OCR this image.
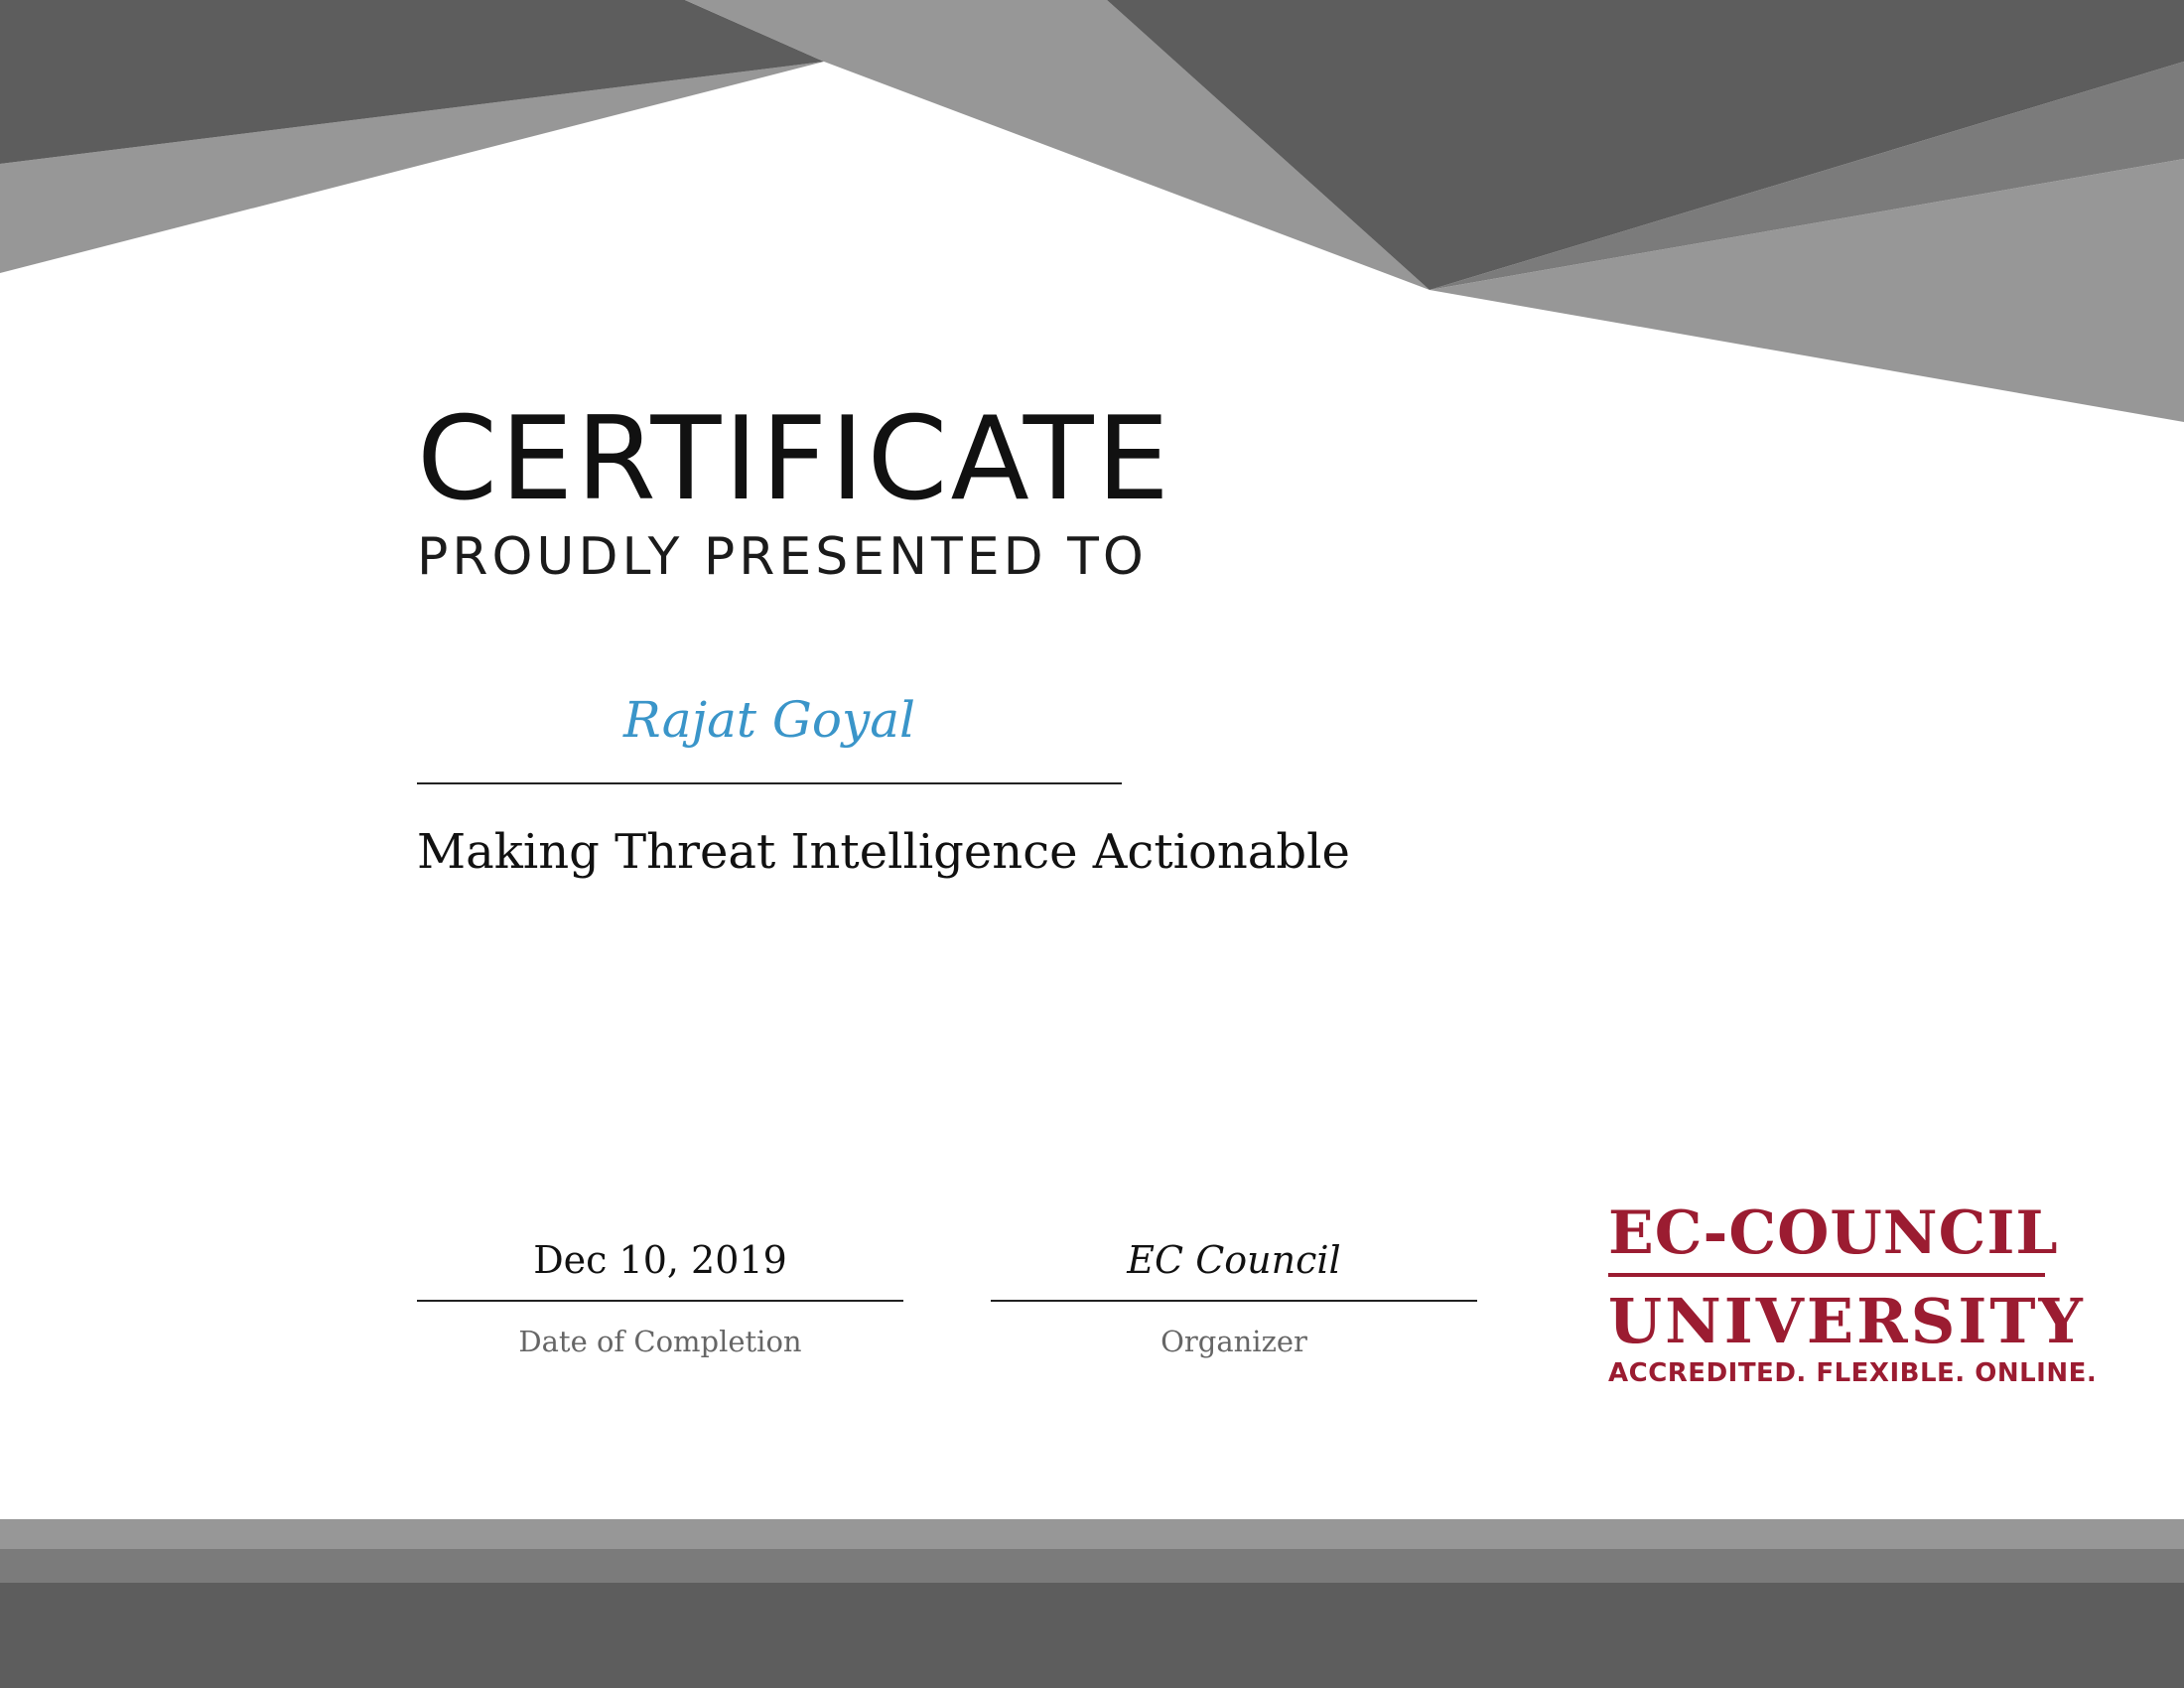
CERTIFICATE
PROUDLY PRESENTED TO
Rajat Goyal
Making Threat Intelligence Actionable
Dec 10, 2019
Date of Completion
EC Council
Organizer
EC-COUNCIL
UNIVERSITY
ACCREDITED. FLEXIBLE. ONLINE.
